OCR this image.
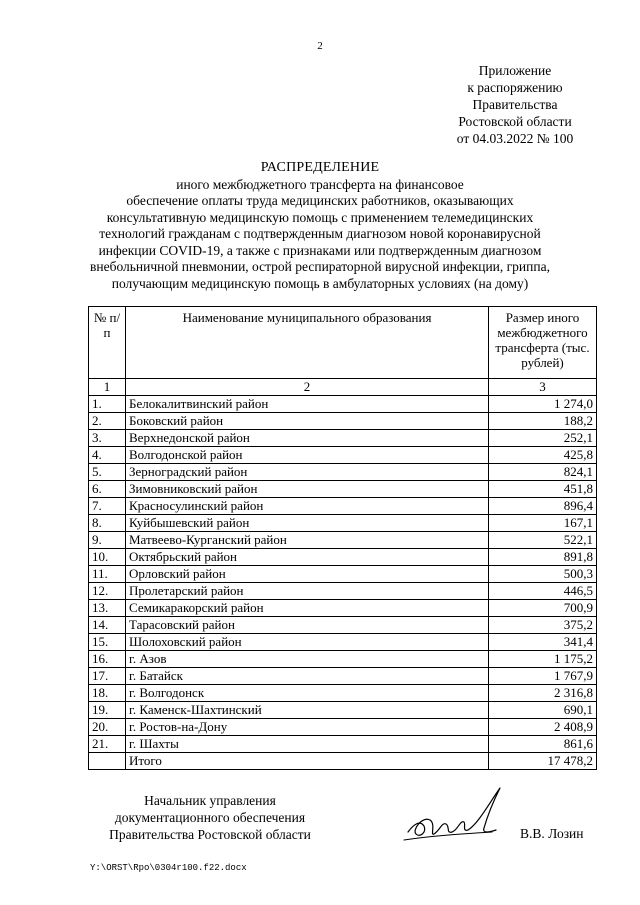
2
Приложение
к распоряжению
Правительства
Ростовской области
от 04.03.2022 № 100
РАСПРЕДЕЛЕНИЕ
иного межбюджетного трансферта на финансовое
обеспечение оплаты труда медицинских работников, оказывающих
консультативную медицинскую помощь с применением телемедицинских
технологий гражданам с подтвержденным диагнозом новой коронавирусной
инфекции COVID-19, а также с признаками или подтвержденным диагнозом
внебольничной пневмонии, острой респираторной вирусной инфекции, гриппа,
получающим медицинскую помощь в амбулаторных условиях (на дому)
№ п/п	Наименование муниципального образования	Размер иного межбюджетного трансферта (тыс. рублей)
1	2	3
1.	Белокалитвинский район	1 274,0
2.	Боковский район	188,2
3.	Верхнедонской район	252,1
4.	Волгодонской район	425,8
5.	Зерноградский район	824,1
6.	Зимовниковский район	451,8
7.	Красносулинский район	896,4
8.	Куйбышевский район	167,1
9.	Матвеево-Курганский район	522,1
10.	Октябрьский район	891,8
11.	Орловский район	500,3
12.	Пролетарский район	446,5
13.	Семикаракорский район	700,9
14.	Тарасовский район	375,2
15.	Шолоховский район	341,4
16.	г. Азов	1 175,2
17.	г. Батайск	1 767,9
18.	г. Волгодонск	2 316,8
19.	г. Каменск-Шахтинский	690,1
20.	г. Ростов-на-Дону	2 408,9
21.	г. Шахты	861,6
	Итого	17 478,2
Начальник управления
документационного обеспечения
Правительства Ростовской области	В.В. Лозин
Y:\ORST\Rpo\0304r100.f22.docx
